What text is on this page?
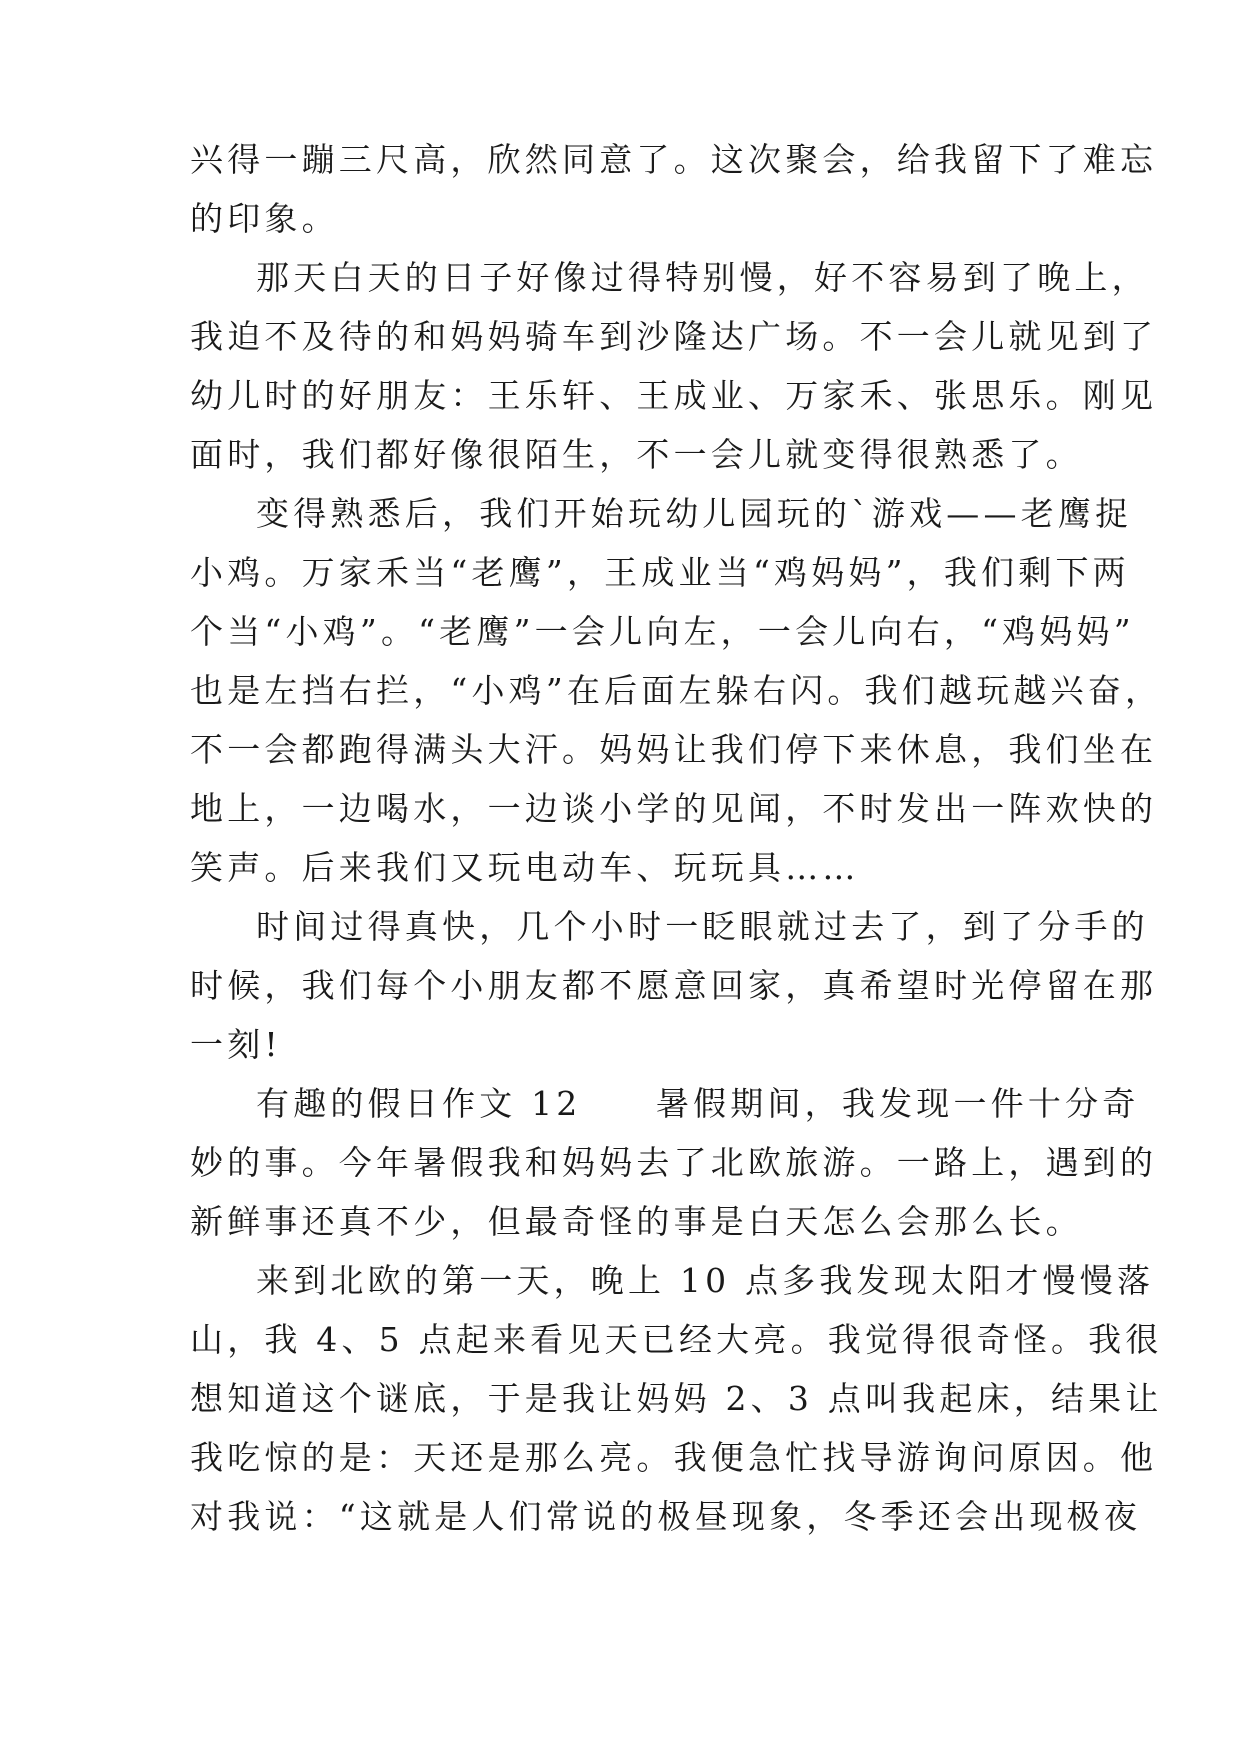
兴得一蹦三尺高，欣然同意了。这次聚会，给我留下了难忘
的印象。
那天白天的日子好像过得特别慢，好不容易到了晚上，
我迫不及待的和妈妈骑车到沙隆达广场。不一会儿就见到了
幼儿时的好朋友：王乐轩、王成业、万家禾、张思乐。刚见
面时，我们都好像很陌生，不一会儿就变得很熟悉了。
变得熟悉后，我们开始玩幼儿园玩的`游戏——老鹰捉
小鸡。万家禾当“老鹰”，王成业当“鸡妈妈”，我们剩下两
个当“小鸡”。“老鹰”一会儿向左，一会儿向右，“鸡妈妈”
也是左挡右拦，“小鸡”在后面左躲右闪。我们越玩越兴奋，
不一会都跑得满头大汗。妈妈让我们停下来休息，我们坐在
地上，一边喝水，一边谈小学的见闻，不时发出一阵欢快的
笑声。后来我们又玩电动车、玩玩具……
时间过得真快，几个小时一眨眼就过去了，到了分手的
时候，我们每个小朋友都不愿意回家，真希望时光停留在那
一刻!
有趣的假日作文 12　　暑假期间，我发现一件十分奇
妙的事。今年暑假我和妈妈去了北欧旅游。一路上，遇到的
新鲜事还真不少，但最奇怪的事是白天怎么会那么长。
来到北欧的第一天，晚上 10 点多我发现太阳才慢慢落
山，我 4、5 点起来看见天已经大亮。我觉得很奇怪。我很
想知道这个谜底，于是我让妈妈 2、3 点叫我起床，结果让
我吃惊的是：天还是那么亮。我便急忙找导游询问原因。他
对我说：“这就是人们常说的极昼现象，冬季还会出现极夜
